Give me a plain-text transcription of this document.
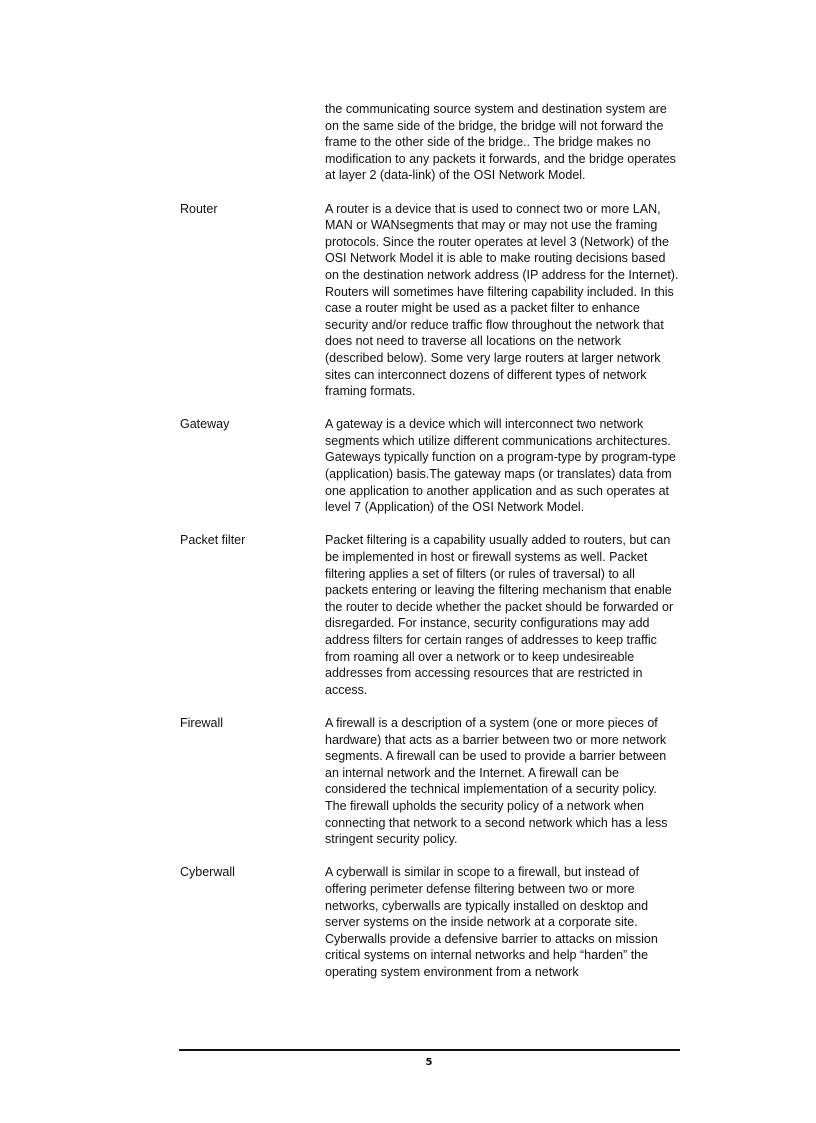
the communicating source system and destination system are on the same side of the bridge, the bridge will not forward the frame to the other side of the bridge.. The bridge makes no modification to any packets it forwards, and the bridge operates at layer 2 (data-link) of the OSI Network Model.
Router	A router is a device that is used to connect two or more LAN, MAN or WANsegments that may or may not use the framing protocols. Since the router operates at level 3 (Network) of the OSI Network Model it is able to make routing decisions based on the destination network address (IP address for the Internet). Routers will sometimes have filtering capability included. In this case a router might be used as a packet filter to enhance security and/or reduce traffic flow throughout the network that does not need to traverse all locations on the network (described below). Some very large routers at larger network sites can interconnect dozens of different types of network framing formats.
Gateway	A gateway is a device which will interconnect two network segments which utilize different communications architectures. Gateways typically function on a program-type by program-type (application) basis.The gateway maps (or translates) data from one application to another application and as such operates at level 7 (Application) of the OSI Network Model.
Packet filter	Packet filtering is a capability usually added to routers, but can be implemented in host or firewall systems as well. Packet filtering applies a set of filters (or rules of traversal) to all packets entering or leaving the filtering mechanism that enable the router to decide whether the packet should be forwarded or disregarded. For instance, security configurations may add address filters for certain ranges of addresses to keep traffic from roaming all over a network or to keep undesireable addresses from accessing resources that are restricted in access.
Firewall	A firewall is a description of a system (one or more pieces of hardware) that acts as a barrier between two or more network segments. A firewall can be used to provide a barrier between an internal network and the Internet. A firewall can be considered the technical implementation of a security policy. The firewall upholds the security policy of a network when connecting that network to a second network which has a less stringent security policy.
Cyberwall	A cyberwall is similar in scope to a firewall, but instead of offering perimeter defense filtering between two or more networks, cyberwalls are typically installed on desktop and server systems on the inside network at a corporate site. Cyberwalls provide a defensive barrier to attacks on mission critical systems on internal networks and help “harden” the operating system environment from a network
5
